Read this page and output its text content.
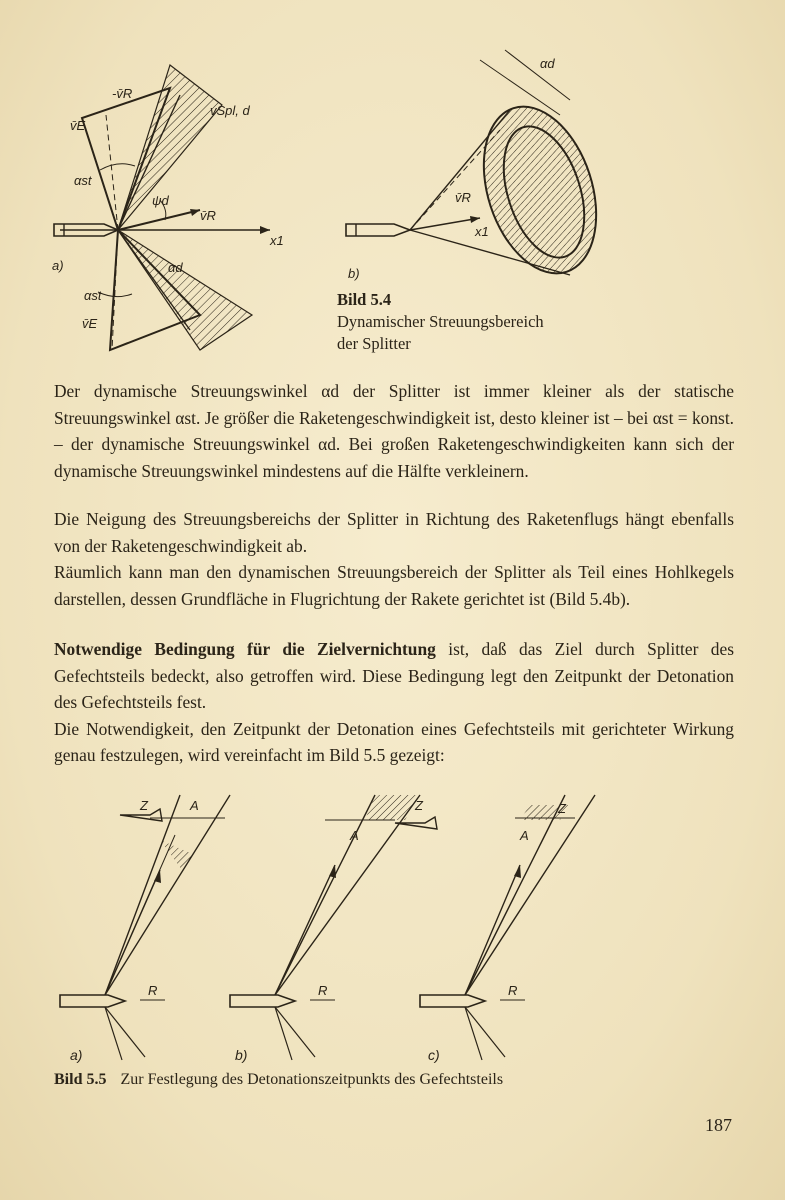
-v̄R
v̄E
vSpl, d
αst
ψd
v̄R
x1
αd
αst
v̄E
a)
αd
v̄R
x1
b)
Bild 5.4
Dynamischer Streuungsbereich
der Splitter

Der dynamische Streuungswinkel αd der Splitter ist immer kleiner als der statische Streuungswinkel αst. Je größer die Raketengeschwindigkeit ist, desto kleiner ist – bei αst = konst. – der dynamische Streuungswinkel αd. Bei großen Raketengeschwindigkeiten kann sich der dynamische Streuungswinkel mindestens auf die Hälfte verkleinern.

Die Neigung des Streuungsbereichs der Splitter in Richtung des Raketenflugs hängt ebenfalls von der Raketengeschwindigkeit ab.

Räumlich kann man den dynamischen Streuungsbereich der Splitter als Teil eines Hohlkegels darstellen, dessen Grundfläche in Flugrichtung der Rakete gerichtet ist (Bild 5.4b).

Notwendige Bedingung für die Zielvernichtung ist, daß das Ziel durch Splitter des Gefechtsteils bedeckt, also getroffen wird. Diese Bedingung legt den Zeitpunkt der Detonation des Gefechtsteils fest.

Die Notwendigkeit, den Zeitpunkt der Detonation eines Gefechtsteils mit gerichteter Wirkung genau festzulegen, wird vereinfacht im Bild 5.5 gezeigt:

Z	A
R
a)
Z
A
R
b)
Z
A
R
c)
Bild 5.5 Zur Festlegung des Detonationszeitpunkts des Gefechtsteils
187
